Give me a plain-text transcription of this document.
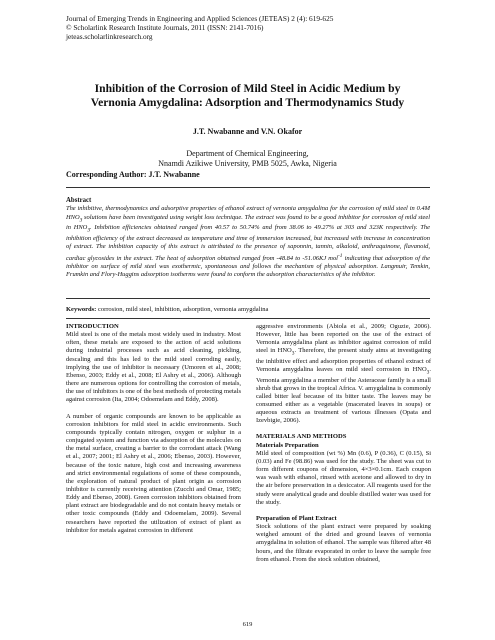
Journal of Emerging Trends in Engineering and Applied Sciences (JETEAS) 2 (4): 619-625
© Scholarlink Research Institute Journals, 2011 (ISSN: 2141-7016)
jeteas.scholarlinkresearch.org
Inhibition of the Corrosion of Mild Steel in Acidic Medium by
Vernonia Amygdalina: Adsorption and Thermodynamics Study
J.T. Nwabanne and V.N. Okafor
Department of Chemical Engineering,
Nnamdi Azikiwe University, PMB 5025, Awka, Nigeria
Corresponding Author: J.T. Nwabanne
Abstract
The inhibitive, thermodynamics and adsorptive properties of ethanol extract of vernonia amygdalina for the corrosion of mild steel in 0.4M $HNO_3$ solutions have been investigated using weight loss technique. The extract was found to be a good inhibitor for corrosion of mild steel in $HNO_3$. Inhibition efficiencies obtained ranged from 40.57 to 50.74% and from 38.06 to 49.27% at 303 and 323K respectively. The inhibition efficiency of the extract decreased as temperature and time of immersion increased, but increased with increase in concentration of extract. The inhibition capacity of this extract is attributed to the presence of saponnin, tannin, alkaloid, anthraquinone, flavanoid, cardiac glycosides in the extract. The heat of adsorption obtained ranged from -48.84 to -51.06KJ mol$^{-1}$ indicating that adsorption of the inhibitor on surface of mild steel was exothermic, spontaneous and follows the mechanism of physical adsorption. Langmuir, Temkin, Frumkin and Flory-Huggins adsorption isotherms were found to conform the adsorption characteristics of the inhibitor.
Keywords: corrosion, mild steel, inhibition, adsorption, vernonia amygdalina
INTRODUCTION

Mild steel is one of the metals most widely used in industry. Most often, these metals are exposed to the action of acid solutions during industrial processes such as acid cleaning, pickling, descaling and this has led to the mild steel corroding easily, implying the use of inhibitor is necessary (Umoren et al., 2008; Ebenso, 2003; Eddy et al., 2008; El Ashry et al., 2006). Although there are numerous options for controlling the corrosion of metals, the use of inhibitors is one of the best methods of protecting metals against corrosion (Ita, 2004; Odoemelam and Eddy, 2008).

A number of organic compounds are known to be applicable as corrosion inhibitors for mild steel in acidic environments. Such compounds typically contain nitrogen, oxygen or sulphur in a conjugated system and function via adsorption of the molecules on the metal surface, creating a barrier to the corrodant attack (Wang et al., 2007; 2001; El Ashry et al., 2006; Ebenso, 2003). However, because of the toxic nature, high cost and increasing awareness and strict environmental regulations of some of these compounds, the exploration of natural product of plant origin as corrosion inhibitor is currently receiving attention (Zucchi and Omar, 1985; Eddy and Ebenso, 2008). Green corrosion inhibitors obtained from plant extract are biodegradable and do not contain heavy metals or other toxic compounds (Eddy and Odoemelam, 2009). Several researchers have reported the utilization of extract of plant as inhibitor for metals against corrosion in different

aggressive environments (Abiola et al., 2009; Oguzie, 2006). However, little has been reported on the use of the extract of Vernonia amygdalina plant as inhibitor against corrosion of mild steel in $HNO_3$. Therefore, the present study aims at investigating the inhibitive effect and adsorption properties of ethanol extract of Vernonia amygdalina leaves on mild steel corrosion in $HNO_3$. Vernonia amygdalina a member of the Asteraceae family is a small shrub that grows in the tropical Africa. V. amygdalina is commonly called bitter leaf because of its bitter taste. The leaves may be consumed either as a vegetable (macerated leaves in soups) or aqueous extracts as treatment of various illnesses (Opata and Izevbigie, 2006).

MATERIALS AND METHODS
Materials Preparation

Mild steel of composition (wt %) Mn (0.6), P (0.36), C (0.15), Si (0.03) and Fe (98.86) was used for the study. The sheet was cut to form different coupons of dimension, 4×3×0.1cm. Each coupon was wash with ethanol, rinsed with acetone and allowed to dry in the air before preservation in a desiccator. All reagents used for the study were analytical grade and double distilled water was used for the study.

Preparation of Plant Extract

Stock solutions of the plant extract were prepared by soaking weighed amount of the dried and ground leaves of vernonia amygdalina in solution of ethanol. The sample was filtered after 48 hours, and the filtrate evaporated in order to leave the sample free from ethanol. From the stock solution obtained,

619
